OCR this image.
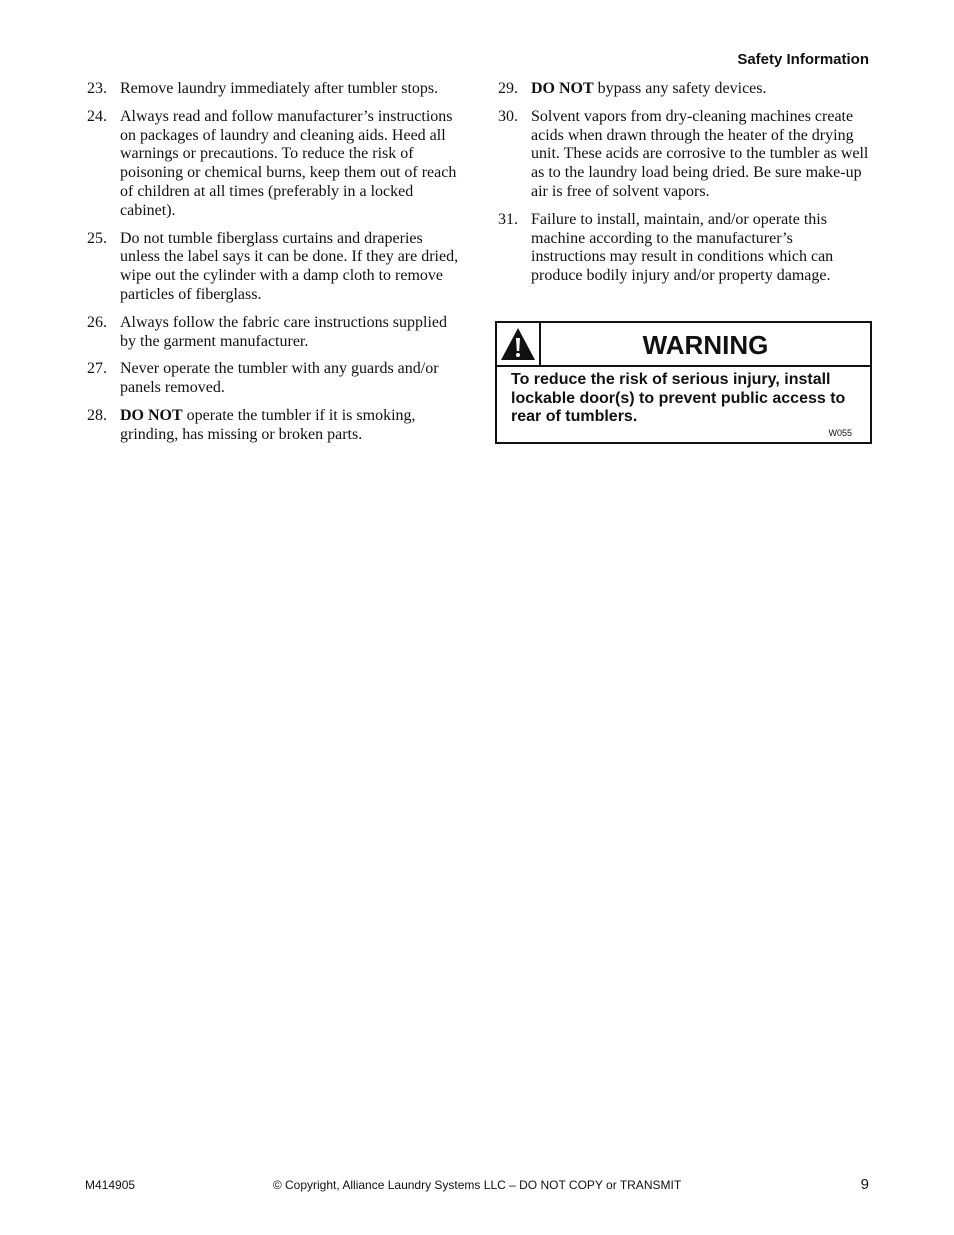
Safety Information
23. Remove laundry immediately after tumbler stops.
24. Always read and follow manufacturer’s instructions on packages of laundry and cleaning aids. Heed all warnings or precautions. To reduce the risk of poisoning or chemical burns, keep them out of reach of children at all times (preferably in a locked cabinet).
25. Do not tumble fiberglass curtains and draperies unless the label says it can be done. If they are dried, wipe out the cylinder with a damp cloth to remove particles of fiberglass.
26. Always follow the fabric care instructions supplied by the garment manufacturer.
27. Never operate the tumbler with any guards and/or panels removed.
28. DO NOT operate the tumbler if it is smoking, grinding, has missing or broken parts.
29. DO NOT bypass any safety devices.
30. Solvent vapors from dry-cleaning machines create acids when drawn through the heater of the drying unit. These acids are corrosive to the tumbler as well as to the laundry load being dried. Be sure make-up air is free of solvent vapors.
31. Failure to install, maintain, and/or operate this machine according to the manufacturer’s instructions may result in conditions which can produce bodily injury and/or property damage.
WARNING
To reduce the risk of serious injury, install lockable door(s) to prevent public access to rear of tumblers.
W055
M414905	© Copyright, Alliance Laundry Systems LLC – DO NOT COPY or TRANSMIT	9
